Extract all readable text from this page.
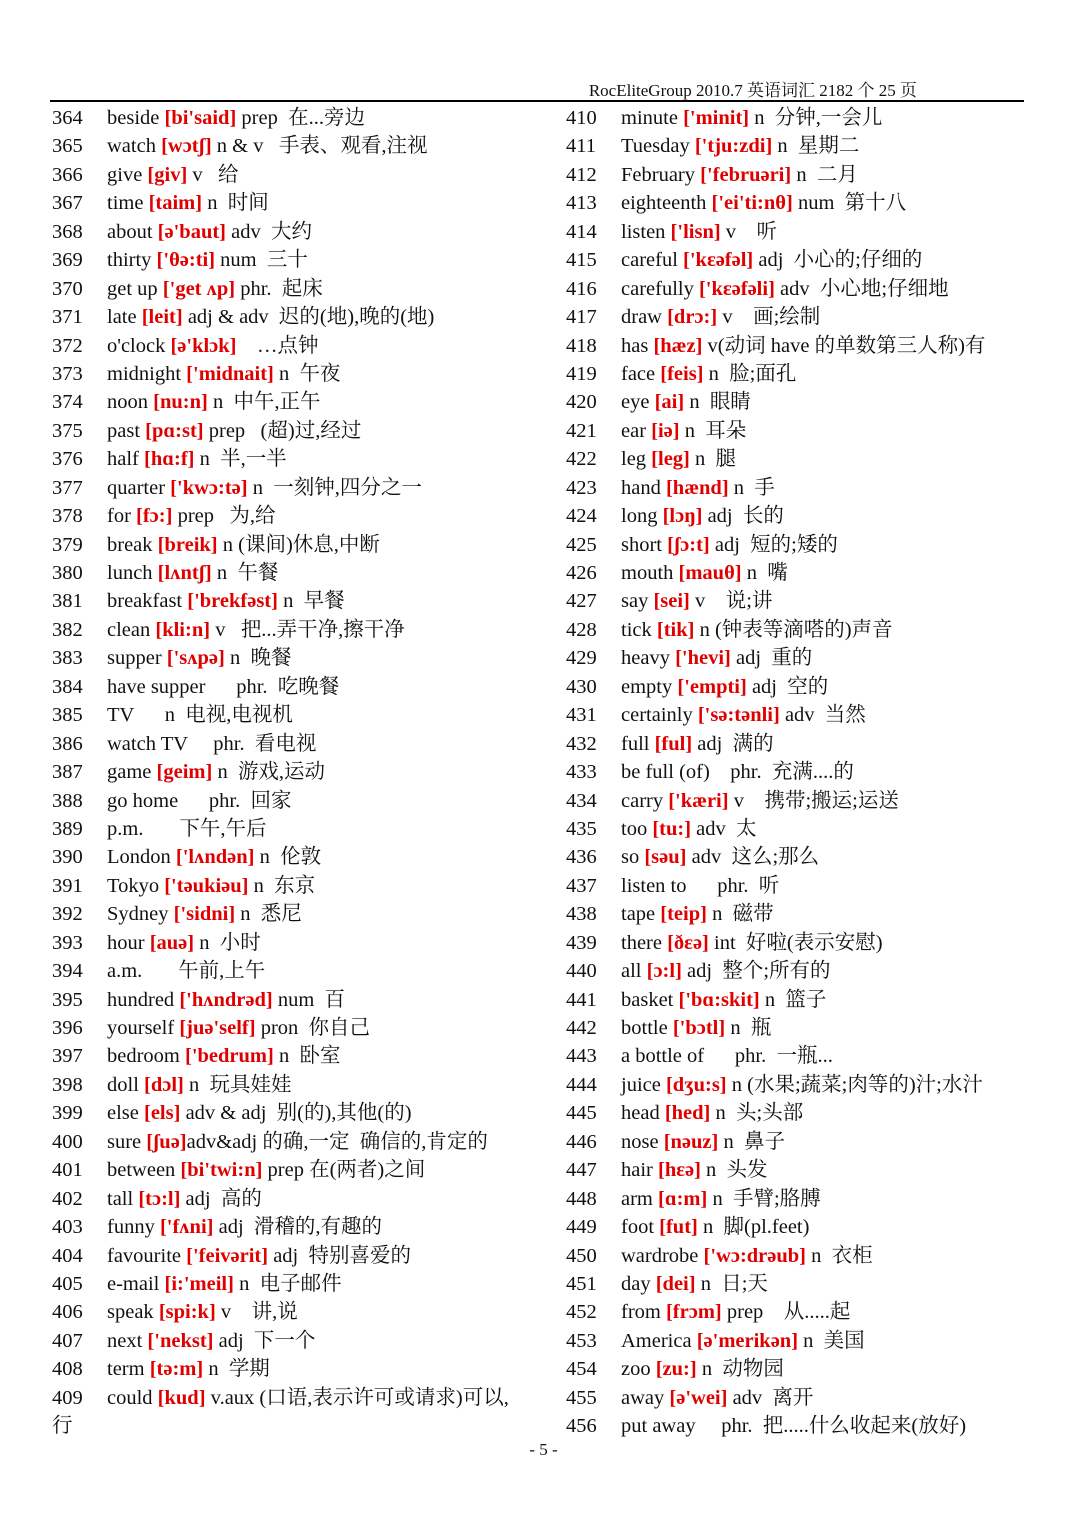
RocEliteGroup 2010.7 英语词汇 2182 个 25 页
364 beside [bi'said] prep  在...旁边
365 watch [wɔtʃ] n & v   手表、观看,注视
366 give [giv] v   给
367 time [taim] n  时间
368 about [ə'baut] adv  大约
369 thirty ['θə:ti] num  三十
370 get up ['get ʌp] phr.  起床
371 late [leit] adj & adv  迟的(地),晚的(地)
372 o'clock [ə'klɔk]    …点钟
373 midnight ['midnait] n  午夜
374 noon [nu:n] n  中午,正午
375 past [pɑ:st] prep   (超)过,经过
376 half [hɑ:f] n  半,一半
377 quarter ['kwɔ:tə] n  一刻钟,四分之一
378 for [fɔ:] prep   为,给
379 break [breik] n (课间)休息,中断
380 lunch [lʌntʃ] n  午餐
381 breakfast ['brekfəst] n  早餐
382 clean [kli:n] v   把...弄干净,擦干净
383 supper ['sʌpə] n  晚餐
384 have supper      phr.  吃晚餐
385 TV      n  电视,电视机
386 watch TV     phr.  看电视
387 game [geim] n  游戏,运动
388 go home      phr.  回家
389 p.m.       下午,午后
390 London ['lʌndən] n  伦敦
391 Tokyo ['təukiəu] n  东京
392 Sydney ['sidni] n  悉尼
393 hour [auə] n  小时
394 a.m.       午前,上午
395 hundred ['hʌndrəd] num  百
396 yourself [juə'self] pron  你自己
397 bedroom ['bedrum] n  卧室
398 doll [dɔl] n  玩具娃娃
399 else [els] adv & adj  别(的),其他(的)
400 sure [ʃuə]adv&adj 的确,一定  确信的,肯定的
401 between [bi'twi:n] prep 在(两者)之间
402 tall [tɔ:l] adj  高的
403 funny ['fʌni] adj  滑稽的,有趣的
404 favourite ['feivərit] adj  特别喜爱的
405 e-mail [i:'meil] n  电子邮件
406 speak [spi:k] v    讲,说
407 next ['nekst] adj  下一个
408 term [tə:m] n  学期
409 could [kud] v.aux (口语,表示许可或请求)可以,
行
410 minute ['minit] n  分钟,一会儿
411 Tuesday ['tju:zdi] n  星期二
412 February ['februəri] n  二月
413 eighteenth ['ei'ti:nθ] num  第十八
414 listen ['lisn] v    听
415 careful ['kɛəfəl] adj  小心的;仔细的
416 carefully ['kɛəfəli] adv  小心地;仔细地
417 draw [drɔ:] v    画;绘制
418 has [hæz] v(动词 have 的单数第三人称)有
419 face [feis] n  脸;面孔
420 eye [ai] n  眼睛
421 ear [iə] n  耳朵
422 leg [leg] n  腿
423 hand [hænd] n  手
424 long [lɔŋ] adj  长的
425 short [ʃɔ:t] adj  短的;矮的
426 mouth [mauθ] n  嘴
427 say [sei] v    说;讲
428 tick [tik] n (钟表等滴嗒的)声音
429 heavy ['hevi] adj  重的
430 empty ['empti] adj  空的
431 certainly ['sə:tənli] adv  当然
432 full [ful] adj  满的
433 be full (of)    phr.  充满....的
434 carry ['kæri] v    携带;搬运;运送
435 too [tu:] adv  太
436 so [səu] adv  这么;那么
437 listen to      phr.  听
438 tape [teip] n  磁带
439 there [ðεə] int  好啦(表示安慰)
440 all [ɔ:l] adj  整个;所有的
441 basket ['bɑ:skit] n  篮子
442 bottle ['bɔtl] n  瓶
443 a bottle of      phr.  一瓶...
444 juice [dʒu:s] n (水果;蔬菜;肉等的)汁;水汁
445 head [hed] n  头;头部
446 nose [nəuz] n  鼻子
447 hair [hεə] n  头发
448 arm [ɑ:m] n  手臂;胳膊
449 foot [fut] n  脚(pl.feet)
450 wardrobe ['wɔ:drəub] n  衣柜
451 day [dei] n  日;天
452 from [frɔm] prep    从.....起
453 America [ə'merikən] n  美国
454 zoo [zu:] n  动物园
455 away [ə'wei] adv  离开
456 put away     phr.  把.....什么收起来(放好)
- 5 -
